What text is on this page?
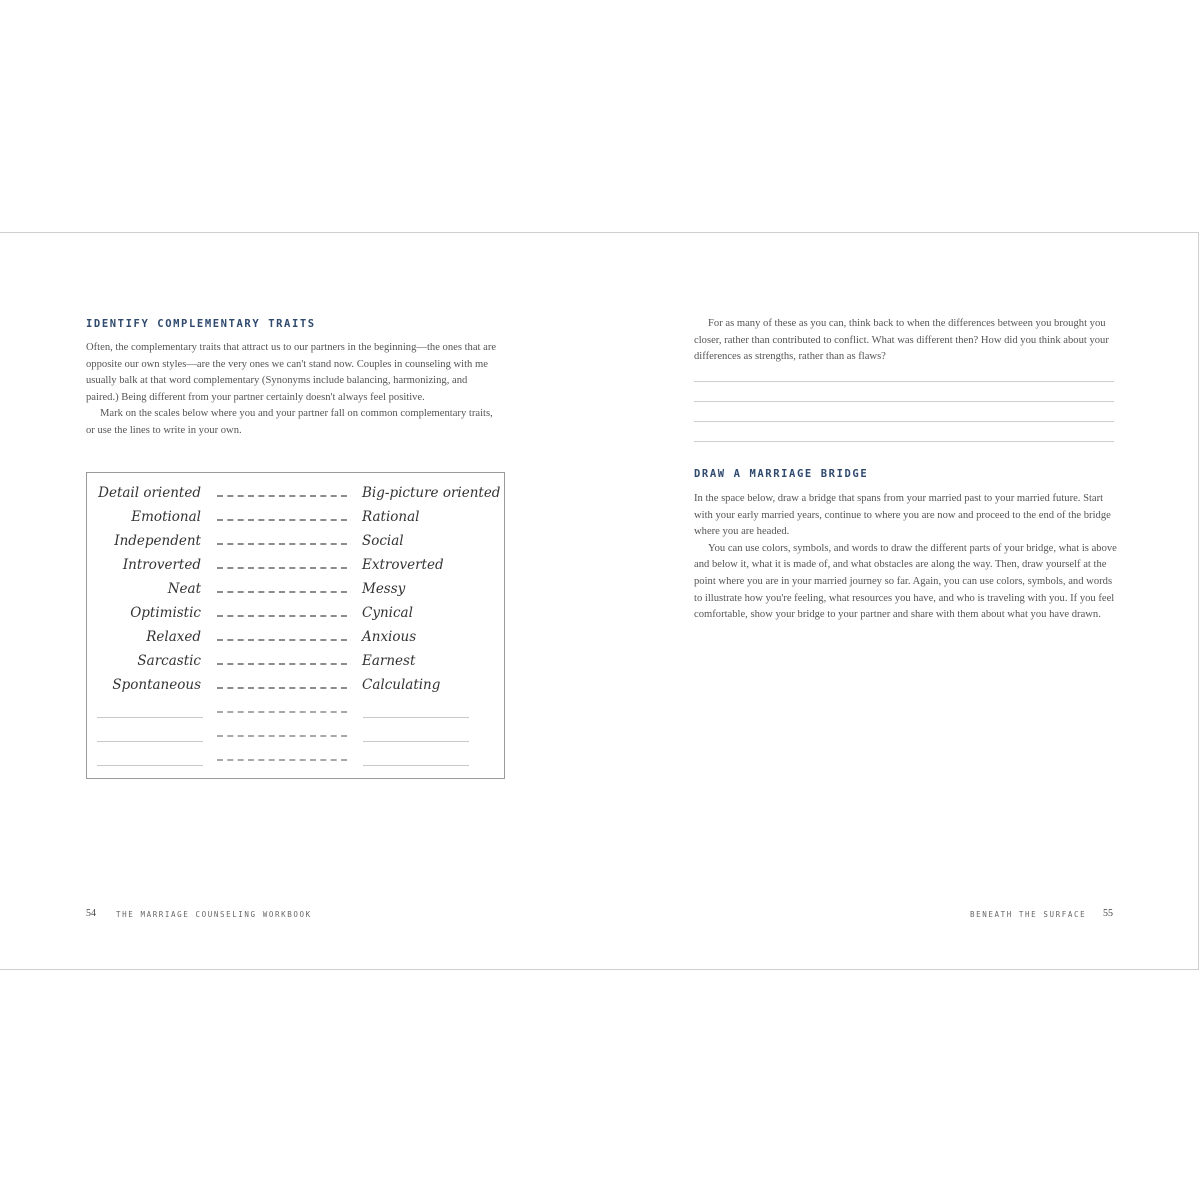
IDENTIFY COMPLEMENTARY TRAITS

Often, the complementary traits that attract us to our partners in the beginning—the ones that are opposite our own styles—are the very ones we can't stand now. Couples in counseling with me usually balk at that word complementary (Synonyms include balancing, harmonizing, and paired.) Being different from your partner certainly doesn't always feel positive.

Mark on the scales below where you and your partner fall on common complementary traits, or use the lines to write in your own.

Detail oriented	Big-picture oriented
Emotional	Rational
Independent	Social
Introverted	Extroverted
Neat	Messy
Optimistic	Cynical
Relaxed	Anxious
Sarcastic	Earnest
Spontaneous	Calculating
54	THE MARRIAGE COUNSELING WORKBOOK

For as many of these as you can, think back to when the differences between you brought you closer, rather than contributed to conflict. What was different then? How did you think about your differences as strengths, rather than as flaws?

DRAW A MARRIAGE BRIDGE

In the space below, draw a bridge that spans from your married past to your married future. Start with your early married years, continue to where you are now and proceed to the end of the bridge where you are headed.

You can use colors, symbols, and words to draw the different parts of your bridge, what is above and below it, what it is made of, and what obstacles are along the way. Then, draw yourself at the point where you are in your married journey so far. Again, you can use colors, symbols, and words to illustrate how you're feeling, what resources you have, and who is traveling with you. If you feel comfortable, show your bridge to your partner and share with them about what you have drawn.

BENEATH THE SURFACE 55
